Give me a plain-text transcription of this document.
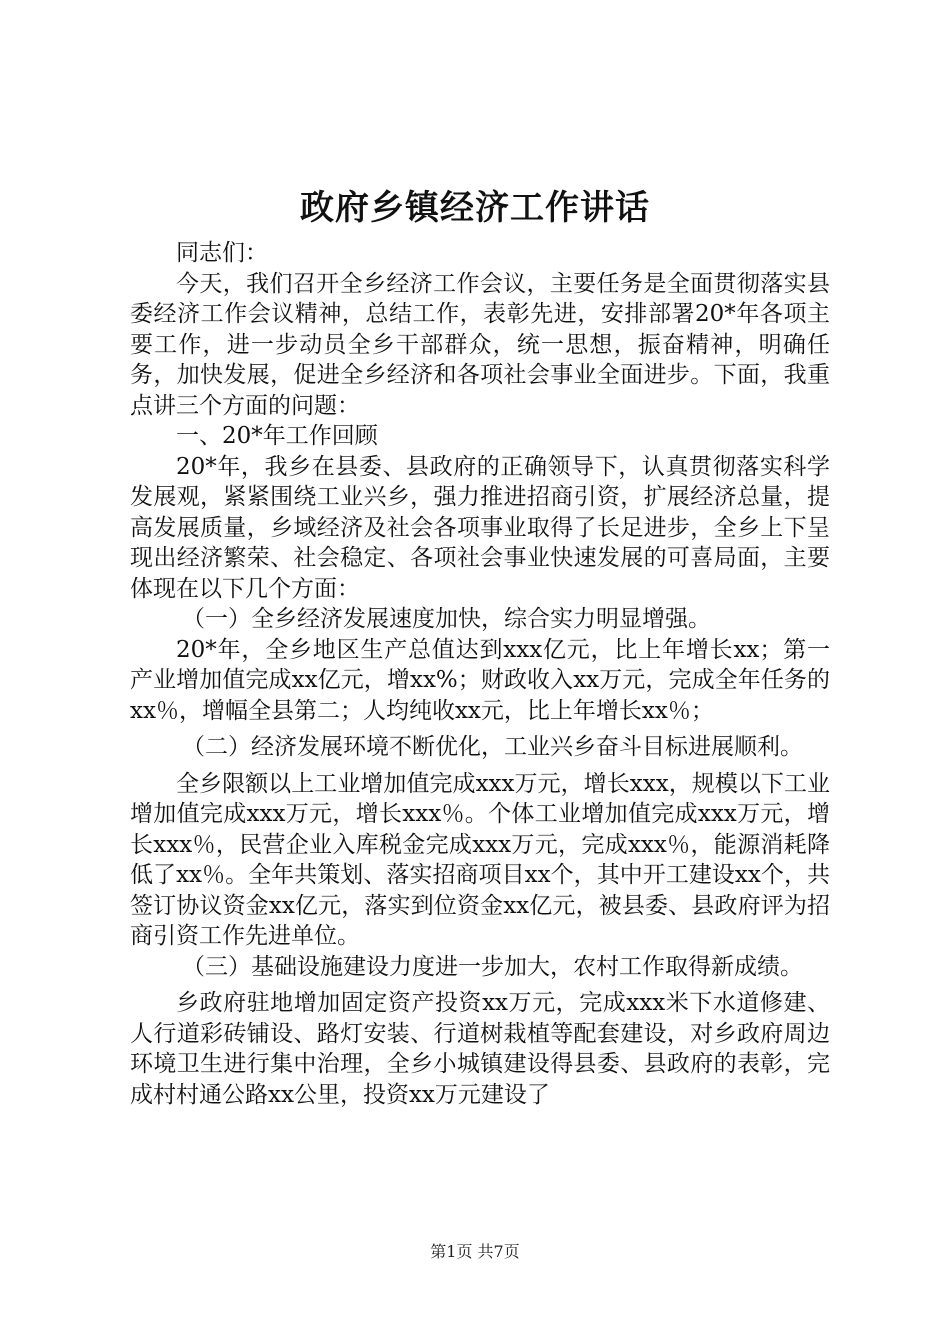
政府乡镇经济工作讲话

同志们：

今天，我们召开全乡经济工作会议，主要任务是全面贯彻落实县委经济工作会议精神，总结工作，表彰先进，安排部署20*年各项主要工作，进一步动员全乡干部群众，统一思想，振奋精神，明确任务，加快发展，促进全乡经济和各项社会事业全面进步。下面，我重点讲三个方面的问题：

一、20*年工作回顾

20*年，我乡在县委、县政府的正确领导下，认真贯彻落实科学发展观，紧紧围绕工业兴乡，强力推进招商引资，扩展经济总量，提高发展质量，乡域经济及社会各项事业取得了长足进步，全乡上下呈现出经济繁荣、社会稳定、各项社会事业快速发展的可喜局面，主要体现在以下几个方面：

（一）全乡经济发展速度加快，综合实力明显增强。

20*年，全乡地区生产总值达到xxx亿元，比上年增长xx；第一产业增加值完成xx亿元，增xx%；财政收入xx万元，完成全年任务的xx％，增幅全县第二；人均纯收xx元，比上年增长xx％；

（二）经济发展环境不断优化，工业兴乡奋斗目标进展顺利。

全乡限额以上工业增加值完成xxx万元，增长xxx，规模以下工业增加值完成xxx万元，增长xxx％。个体工业增加值完成xxx万元，增长xxx％，民营企业入库税金完成xxx万元，完成xxx％，能源消耗降低了xx％。全年共策划、落实招商项目xx个，其中开工建设xx个，共签订协议资金xx亿元，落实到位资金xx亿元，被县委、县政府评为招商引资工作先进单位。

（三）基础设施建设力度进一步加大，农村工作取得新成绩。

乡政府驻地增加固定资产投资xx万元，完成xxx米下水道修建、人行道彩砖铺设、路灯安装、行道树栽植等配套建设，对乡政府周边环境卫生进行集中治理，全乡小城镇建设得县委、县政府的表彰，完成村村通公路xx公里，投资xx万元建设了

第1页 共7页
